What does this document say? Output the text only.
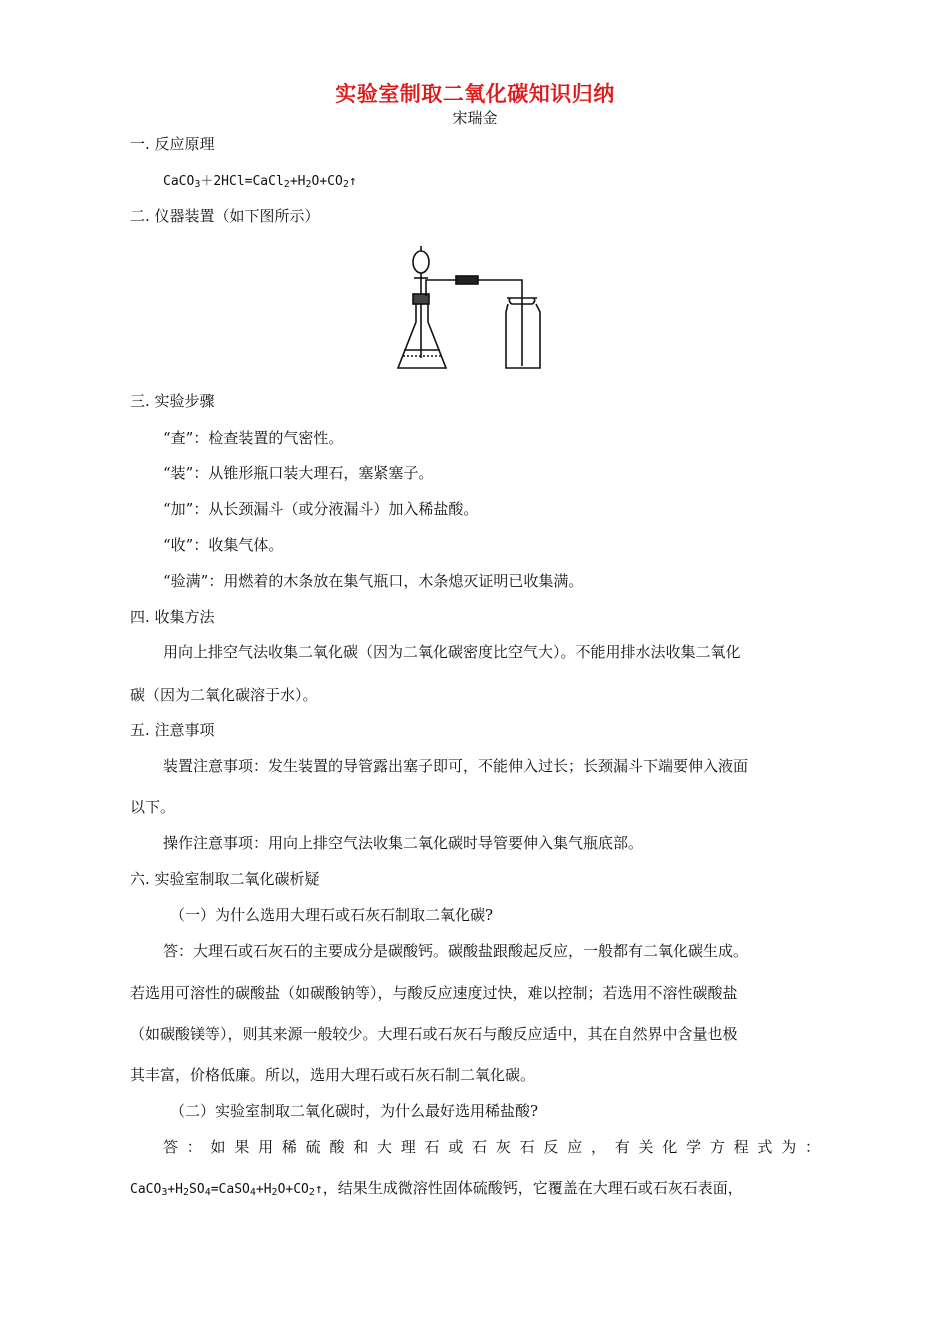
实验室制取二氧化碳知识归纳
宋瑞金
一. 反应原理
$CaCO_3+2HCl=CaCl_2+H_2O+CO_2↑$
二. 仪器装置（如下图所示）
三. 实验步骤
“查”：检查装置的气密性。
“装”：从锥形瓶口装大理石，塞紧塞子。
“加”：从长颈漏斗（或分液漏斗）加入稀盐酸。
“收”：收集气体。
“验满”：用燃着的木条放在集气瓶口，木条熄灭证明已收集满。
四. 收集方法
用向上排空气法收集二氧化碳（因为二氧化碳密度比空气大）。不能用排水法收集二氧化
碳（因为二氧化碳溶于水）。
五. 注意事项
装置注意事项：发生装置的导管露出塞子即可，不能伸入过长；长颈漏斗下端要伸入液面
以下。
操作注意事项：用向上排空气法收集二氧化碳时导管要伸入集气瓶底部。
六. 实验室制取二氧化碳析疑
（一）为什么选用大理石或石灰石制取二氧化碳?
答：大理石或石灰石的主要成分是碳酸钙。碳酸盐跟酸起反应，一般都有二氧化碳生成。
若选用可溶性的碳酸盐（如碳酸钠等），与酸反应速度过快，难以控制；若选用不溶性碳酸盐
（如碳酸镁等），则其来源一般较少。大理石或石灰石与酸反应适中，其在自然界中含量也极
其丰富，价格低廉。所以，选用大理石或石灰石制二氧化碳。
（二）实验室制取二氧化碳时，为什么最好选用稀盐酸?
答：如果用稀硫酸和大理石或石灰石反应，有关化学方程式为：
$CaCO_3+H_2SO_4=CaSO_4+H_2O+CO_2↑$，结果生成微溶性固体硫酸钙，它覆盖在大理石或石灰石表面，
